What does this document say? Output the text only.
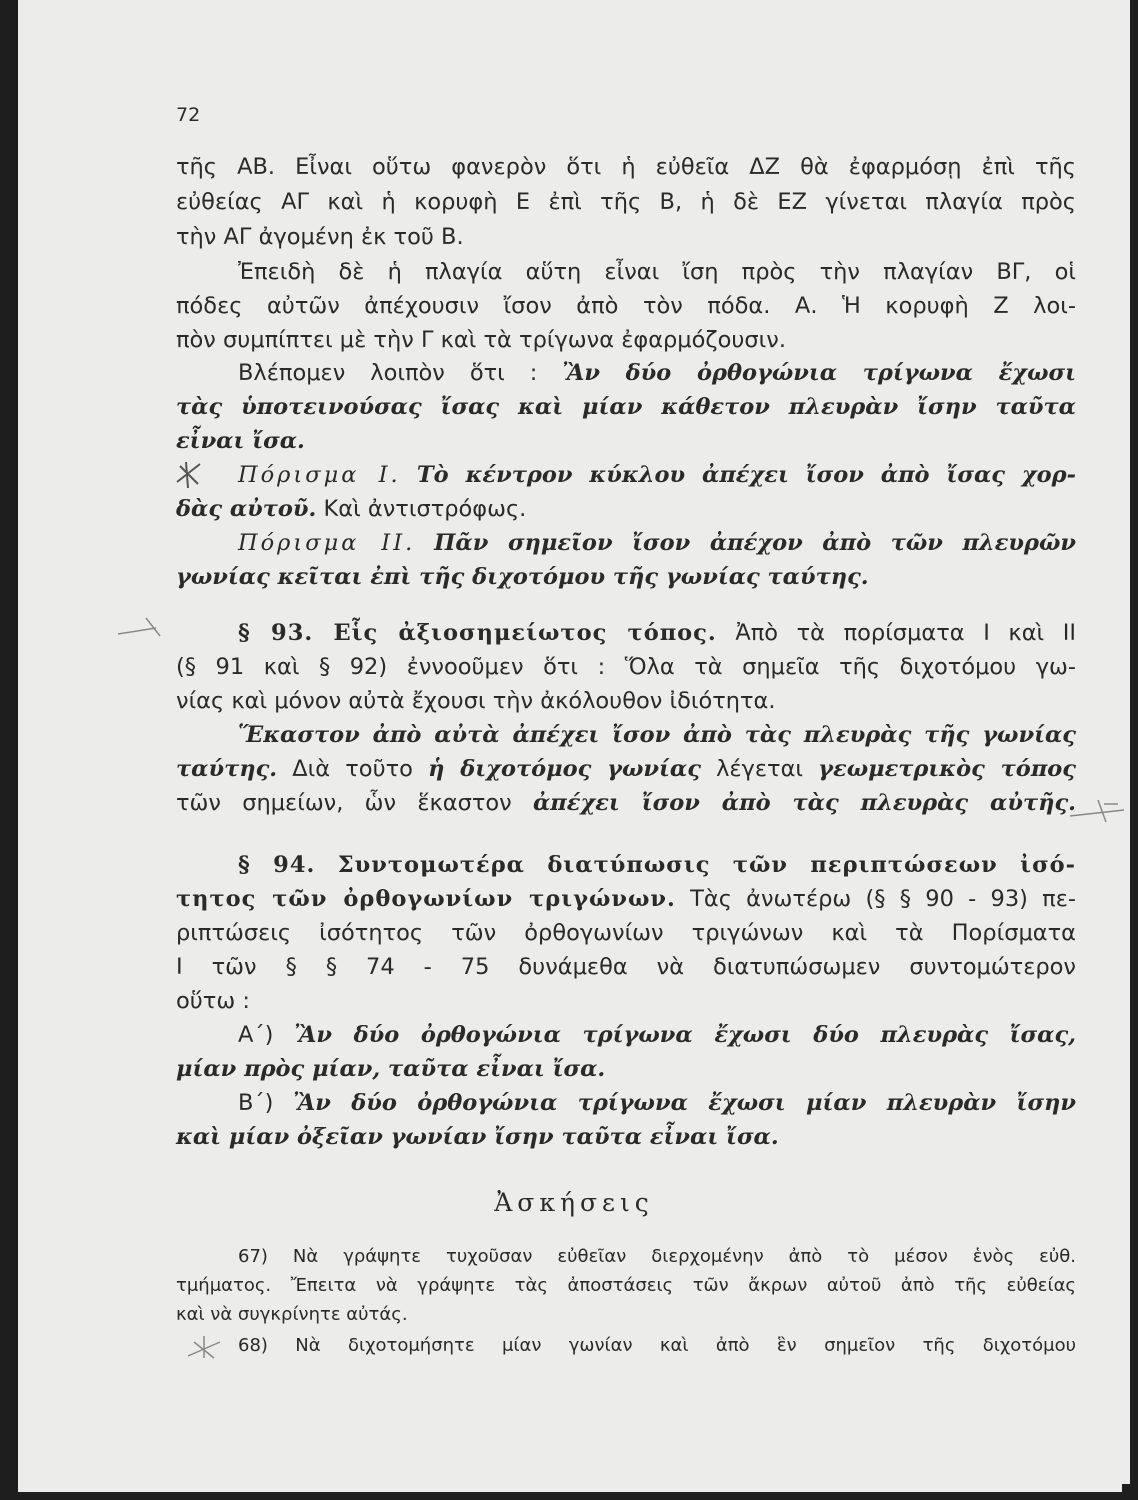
72
τῆς ΑΒ. Εἶναι οὕτω φανερὸν ὅτι ἡ εὐθεῖα ΔΖ θὰ ἐφαρμόσῃ ἐπὶ τῆς
εὐθείας ΑΓ καὶ ἡ κορυφὴ Ε ἐπὶ τῆς Β, ἡ δὲ ΕΖ γίνεται πλαγία πρὸς
τὴν ΑΓ ἀγομένη ἐκ τοῦ Β.
Ἐπειδὴ δὲ ἡ πλαγία αὕτη εἶναι ἴση πρὸς τὴν πλαγίαν ΒΓ, οἱ
πόδες αὐτῶν ἀπέχουσιν ἴσον ἀπὸ τὸν πόδα. Α. Ἡ κορυφὴ Ζ λοι-
πὸν συμπίπτει μὲ τὴν Γ καὶ τὰ τρίγωνα ἐφαρμόζουσιν.
Βλέπομεν λοιπὸν ὅτι : Ἂν δύο ὀρθογώνια τρίγωνα ἔχωσι
τὰς ὑποτεινούσας ἴσας καὶ μίαν κάθετον πλευρὰν ἴσην ταῦτα
εἶναι ἴσα.
Πόρισμα Ι. Τὸ κέντρον κύκλου ἀπέχει ἴσον ἀπὸ ἴσας χορ-
δὰς αὐτοῦ. Καὶ ἀντιστρόφως.
Πόρισμα ΙΙ. Πᾶν σημεῖον ἴσον ἀπέχον ἀπὸ τῶν πλευρῶν
γωνίας κεῖται ἐπὶ τῆς διχοτόμου τῆς γωνίας ταύτης.
§ 93. Εἷς ἀξιοσημείωτος τόπος. Ἀπὸ τὰ πορίσματα Ι καὶ ΙΙ
(§ 91 καὶ § 92) ἐννοοῦμεν ὅτι : Ὅλα τὰ σημεῖα τῆς διχοτόμου γω-
νίας καὶ μόνον αὐτὰ ἔχουσι τὴν ἀκόλουθον ἰδιότητα.
Ἕκαστον ἀπὸ αὐτὰ ἀπέχει ἴσον ἀπὸ τὰς πλευρὰς τῆς γωνίας
ταύτης. Διὰ τοῦτο ἡ διχοτόμος γωνίας λέγεται γεωμετρικὸς τόπος
τῶν σημείων, ὧν ἕκαστον ἀπέχει ἴσον ἀπὸ τὰς πλευρὰς αὐτῆς.
§ 94. Συντομωτέρα διατύπωσις τῶν περιπτώσεων ἰσό-
τητος τῶν ὀρθογωνίων τριγώνων. Τὰς ἀνωτέρω (§ § 90 - 93) πε-
ριπτώσεις ἰσότητος τῶν ὀρθογωνίων τριγώνων καὶ τὰ Πορίσματα
Ι τῶν § § 74 - 75 δυνάμεθα νὰ διατυπώσωμεν συντομώτερον
οὕτω :
Α΄) Ἂν δύο ὀρθογώνια τρίγωνα ἔχωσι δύο πλευρὰς ἴσας,
μίαν πρὸς μίαν, ταῦτα εἶναι ἴσα.
Β΄) Ἂν δύο ὀρθογώνια τρίγωνα ἔχωσι μίαν πλευρὰν ἴσην
καὶ μίαν ὀξεῖαν γωνίαν ἴσην ταῦτα εἶναι ἴσα.
Ἀσκήσεις
67) Νὰ γράψητε τυχοῦσαν εὐθεῖαν διερχομένην ἀπὸ τὸ μέσον ἑνὸς εὐθ.
τμήματος. Ἔπειτα νὰ γράψητε τὰς ἀποστάσεις τῶν ἄκρων αὐτοῦ ἀπὸ τῆς εὐθείας
καὶ νὰ συγκρίνητε αὐτάς.
68) Νὰ διχοτομήσητε μίαν γωνίαν καὶ ἀπὸ ἓν σημεῖον τῆς διχοτόμου
